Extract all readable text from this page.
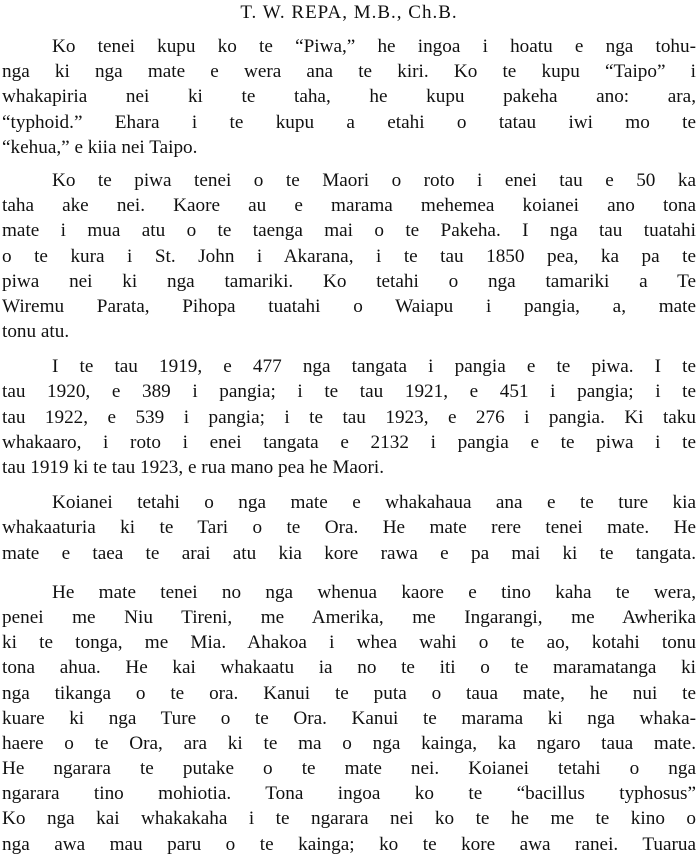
T. W. REPA, M.B., Ch.B.
Ko tenei kupu ko te “Piwa,” he ingoa i hoatu e nga tohu-
nga ki nga mate e wera ana te kiri. Ko te kupu “Taipo” i
whakapiria nei ki te taha, he kupu pakeha ano: ara,
“typhoid.” Ehara i te kupu a etahi o tatau iwi mo te
“kehua,” e kiia nei Taipo.
Ko te piwa tenei o te Maori o roto i enei tau e 50 ka
taha ake nei. Kaore au e marama mehemea koianei ano tona
mate i mua atu o te taenga mai o te Pakeha. I nga tau tuatahi
o te kura i St. John i Akarana, i te tau 1850 pea, ka pa te
piwa nei ki nga tamariki. Ko tetahi o nga tamariki a Te
Wiremu Parata, Pihopa tuatahi o Waiapu i pangia, a, mate
tonu atu.
I te tau 1919, e 477 nga tangata i pangia e te piwa. I te
tau 1920, e 389 i pangia; i te tau 1921, e 451 i pangia; i te
tau 1922, e 539 i pangia; i te tau 1923, e 276 i pangia. Ki taku
whakaaro, i roto i enei tangata e 2132 i pangia e te piwa i te
tau 1919 ki te tau 1923, e rua mano pea he Maori.
Koianei tetahi o nga mate e whakahaua ana e te ture kia
whakaaturia ki te Tari o te Ora. He mate rere tenei mate. He
mate e taea te arai atu kia kore rawa e pa mai ki te tangata.
He mate tenei no nga whenua kaore e tino kaha te wera,
penei me Niu Tireni, me Amerika, me Ingarangi, me Awherika
ki te tonga, me Mia. Ahakoa i whea wahi o te ao, kotahi tonu
tona ahua. He kai whakaatu ia no te iti o te maramatanga ki
nga tikanga o te ora. Kanui te puta o taua mate, he nui te
kuare ki nga Ture o te Ora. Kanui te marama ki nga whaka-
haere o te Ora, ara ki te ma o nga kainga, ka ngaro taua mate.
He ngarara te putake o te mate nei. Koianei tetahi o nga
ngarara tino mohiotia. Tona ingoa ko te “bacillus typhosus”
Ko nga kai whakakaha i te ngarara nei ko te he me te kino o
nga awa mau paru o te kainga; ko te kore awa ranei. Tuarua
